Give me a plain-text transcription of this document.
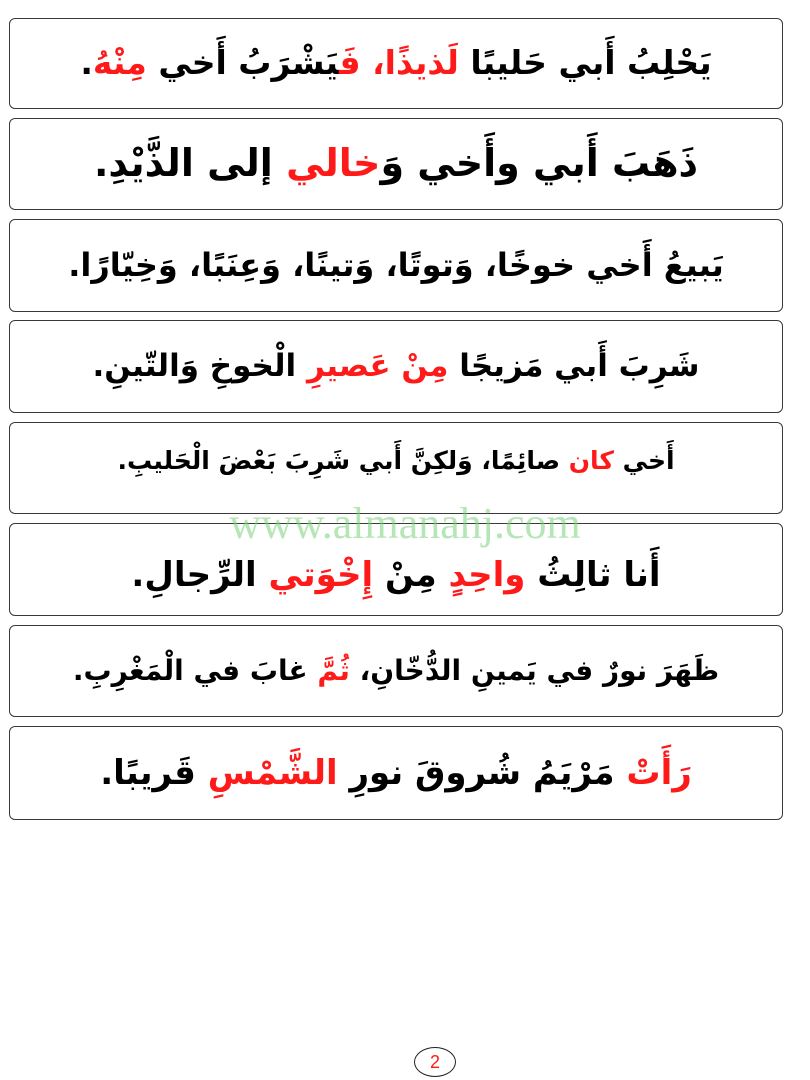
يَحْلِبُ أَبي حَليبًا لَذيذًا، فَيَشْرَبُ أَخي مِنْهُ.
ذَهَبَ أَبي وأَخي وَخالي إلى الذَّيْدِ.
يَبيعُ أَخي خوخًا، وَتوتًا، وَتينًا، وَعِنَبًا، وَخِيّارًا.
شَرِبَ أَبي مَزيجًا مِنْ عَصيرِ الْخوخِ وَالتّينِ.
أَخي كان صائِمًا، وَلكِنَّ أَبي شَرِبَ بَعْضَ الْحَليبِ.
أَنا ثالِثُ واحِدٍ مِنْ إِخْوَتي الرِّجالِ.
ظَهَرَ نورٌ في يَمينِ الدُّخّانِ، ثُمَّ غابَ في الْمَغْرِبِ.
رَأَتْ مَرْيَمُ شُروقَ نورِ الشَّمْسِ قَريبًا.
www.almanahj.com
2
